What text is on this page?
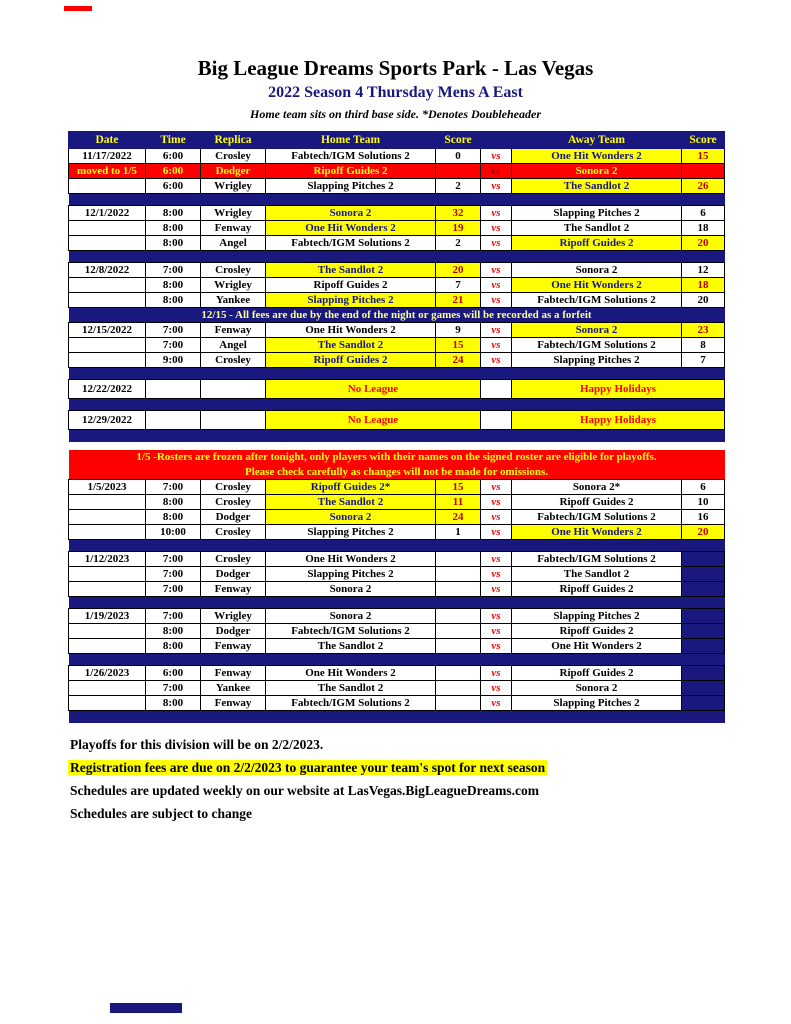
Big League Dreams Sports Park - Las Vegas
2022 Season 4 Thursday Mens A East
Home team sits on third base side. *Denotes Doubleheader
Date	Time	Replica	Home Team	Score		Away Team	Score
11/17/2022	6:00	Crosley	Fabtech/IGM Solutions 2	0	vs	One Hit Wonders 2	15
moved to 1/5	6:00	Dodger	Ripoff Guides 2		vs	Sonora 2	
	6:00	Wrigley	Slapping Pitches 2	2	vs	The Sandlot 2	26

12/1/2022	8:00	Wrigley	Sonora 2	32	vs	Slapping Pitches 2	6
	8:00	Fenway	One Hit Wonders 2	19	vs	The Sandlot 2	18
	8:00	Angel	Fabtech/IGM Solutions 2	2	vs	Ripoff Guides 2	20

12/8/2022	7:00	Crosley	The Sandlot 2	20	vs	Sonora 2	12
	8:00	Wrigley	Ripoff Guides 2	7	vs	One Hit Wonders 2	18
	8:00	Yankee	Slapping Pitches 2	21	vs	Fabtech/IGM Solutions 2	20
12/15 - All fees are due by the end of the night or games will be recorded as a forfeit							
12/15/2022	7:00	Fenway	One Hit Wonders 2	9	vs	Sonora 2	23
	7:00	Angel	The Sandlot 2	15	vs	Fabtech/IGM Solutions 2	8
	9:00	Crosley	Ripoff Guides 2	24	vs	Slapping Pitches 2	7

12/22/2022			No League			Happy Holidays	

12/29/2022			No League			Happy Holidays	

1/5 -Rosters are frozen after tonight, only players with their names on the signed roster are eligible for playoffs.							
Please check carefully as changes will not be made for omissions.							
1/5/2023	7:00	Crosley	Ripoff Guides 2*	15	vs	Sonora 2*	6
	8:00	Crosley	The Sandlot 2	11	vs	Ripoff Guides 2	10
	8:00	Dodger	Sonora 2	24	vs	Fabtech/IGM Solutions 2	16
	10:00	Crosley	Slapping Pitches 2	1	vs	One Hit Wonders 2	20

1/12/2023	7:00	Crosley	One Hit Wonders 2		vs	Fabtech/IGM Solutions 2	
	7:00	Dodger	Slapping Pitches 2		vs	The Sandlot 2	
	7:00	Fenway	Sonora 2		vs	Ripoff Guides 2	

1/19/2023	7:00	Wrigley	Sonora 2		vs	Slapping Pitches 2	
	8:00	Dodger	Fabtech/IGM Solutions 2		vs	Ripoff Guides 2	
	8:00	Fenway	The Sandlot 2		vs	One Hit Wonders 2	

1/26/2023	6:00	Fenway	One Hit Wonders 2		vs	Ripoff Guides 2	
	7:00	Yankee	The Sandlot 2		vs	Sonora 2	
	8:00	Fenway	Fabtech/IGM Solutions 2		vs	Slapping Pitches 2	

Playoffs for this division will be on 2/2/2023.
Registration fees are due on 2/2/2023 to guarantee your team's spot for next season
Schedules are updated weekly on our website at LasVegas.BigLeagueDreams.com
Schedules are subject to change
